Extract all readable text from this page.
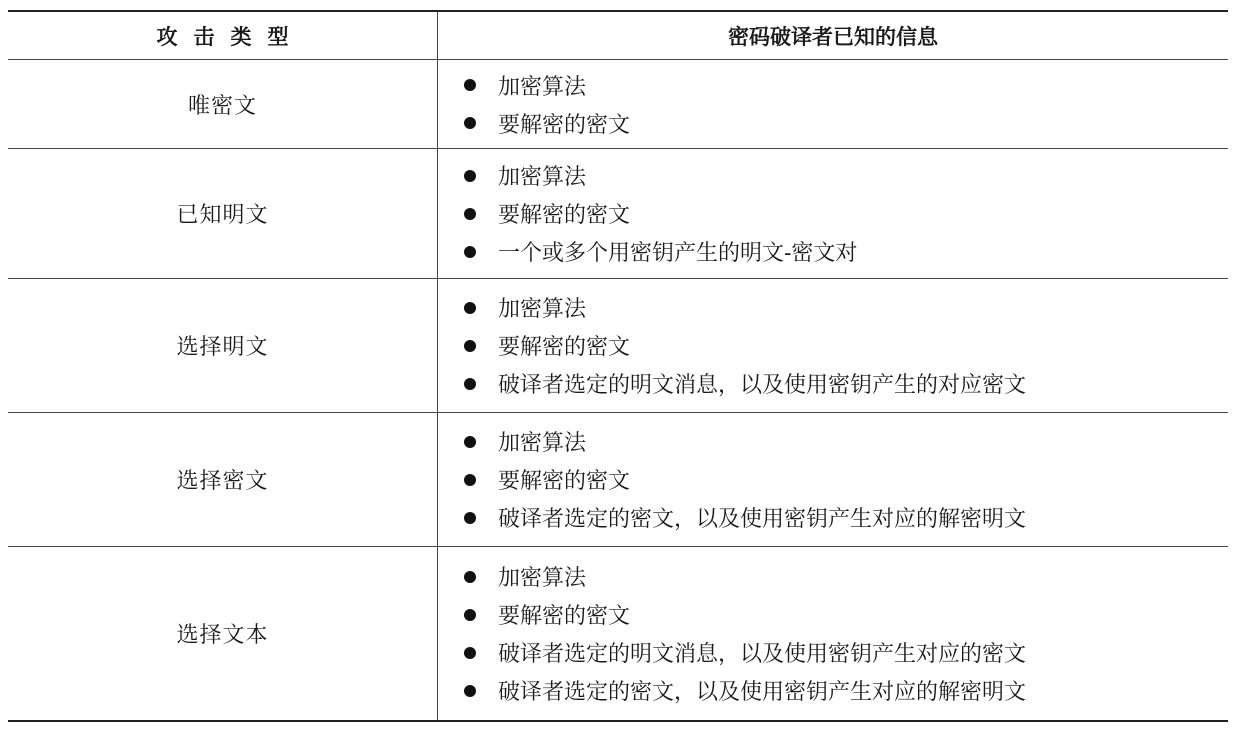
攻击类型	密码破译者已知的信息
唯密文
加密算法
要解密的密文
已知明文
加密算法
要解密的密文
一个或多个用密钥产生的明文-密文对
选择明文
加密算法
要解密的密文
破译者选定的明文消息，以及使用密钥产生的对应密文
选择密文
加密算法
要解密的密文
破译者选定的密文，以及使用密钥产生对应的解密明文
选择文本
加密算法
要解密的密文
破译者选定的明文消息，以及使用密钥产生对应的密文
破译者选定的密文，以及使用密钥产生对应的解密明文
